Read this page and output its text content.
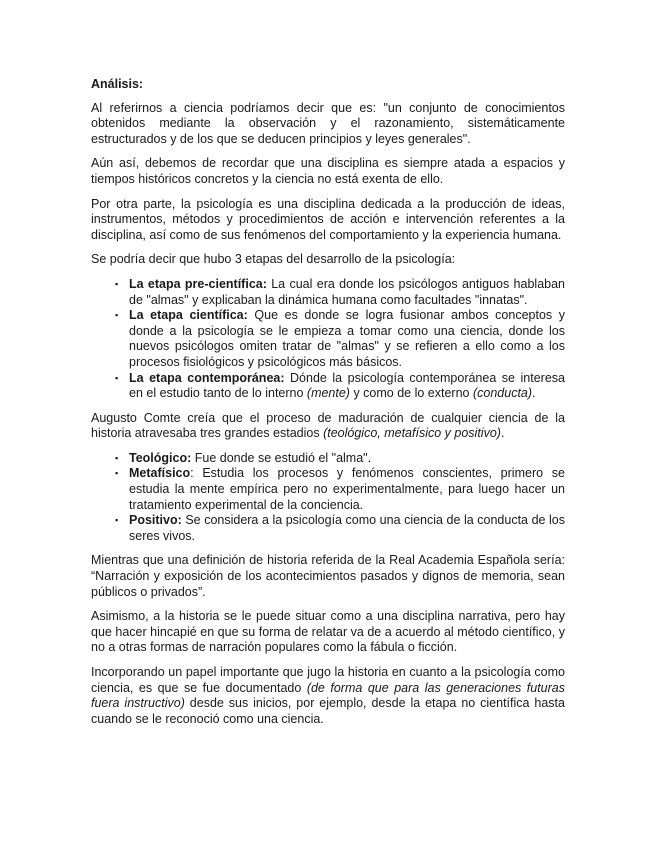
Análisis:

Al referirnos a ciencia podríamos decir que es: "un conjunto de conocimientos obtenidos mediante la observación y el razonamiento, sistemáticamente estructurados y de los que se deducen principios y leyes generales".

Aún así, debemos de recordar que una disciplina es siempre atada a espacios y tiempos históricos concretos y la ciencia no está exenta de ello.

Por otra parte, la psicología es una disciplina dedicada a la producción de ideas, instrumentos, métodos y procedimientos de acción e intervención referentes a la disciplina, así como de sus fenómenos del comportamiento y la experiencia humana.

Se podría decir que hubo 3 etapas del desarrollo de la psicología:

▪ La etapa pre-científica: La cual era donde los psicólogos antiguos hablaban de "almas" y explicaban la dinámica humana como facultades "innatas".
▪ La etapa científica: Que es donde se logra fusionar ambos conceptos y donde a la psicología se le empieza a tomar como una ciencia, donde los nuevos psicólogos omiten tratar de "almas" y se refieren a ello como a los procesos fisiológicos y psicológicos más básicos.
▪ La etapa contemporánea: Dónde la psicología contemporánea se interesa en el estudio tanto de lo interno (mente) y como de lo externo (conducta).

Augusto Comte creía que el proceso de maduración de cualquier ciencia de la historia atravesaba tres grandes estadios (teológico, metafísico y positivo).

▪ Teológico: Fue donde se estudió el "alma".
▪ Metafísico: Estudia los procesos y fenómenos conscientes, primero se estudia la mente empírica pero no experimentalmente, para luego hacer un tratamiento experimental de la conciencia.
▪ Positivo: Se considera a la psicología como una ciencia de la conducta de los seres vivos.

Mientras que una definición de historia referida de la Real Academia Española sería: “Narración y exposición de los acontecimientos pasados y dignos de memoria, sean públicos o privados”.

Asimismo, a la historia se le puede situar como a una disciplina narrativa, pero hay que hacer hincapié en que su forma de relatar va de a acuerdo al método científico, y no a otras formas de narración populares como la fábula o ficción.

Incorporando un papel importante que jugo la historia en cuanto a la psicología como ciencia, es que se fue documentado (de forma que para las generaciones futuras fuera instructivo) desde sus inicios, por ejemplo, desde la etapa no científica hasta cuando se le reconoció como una ciencia.
